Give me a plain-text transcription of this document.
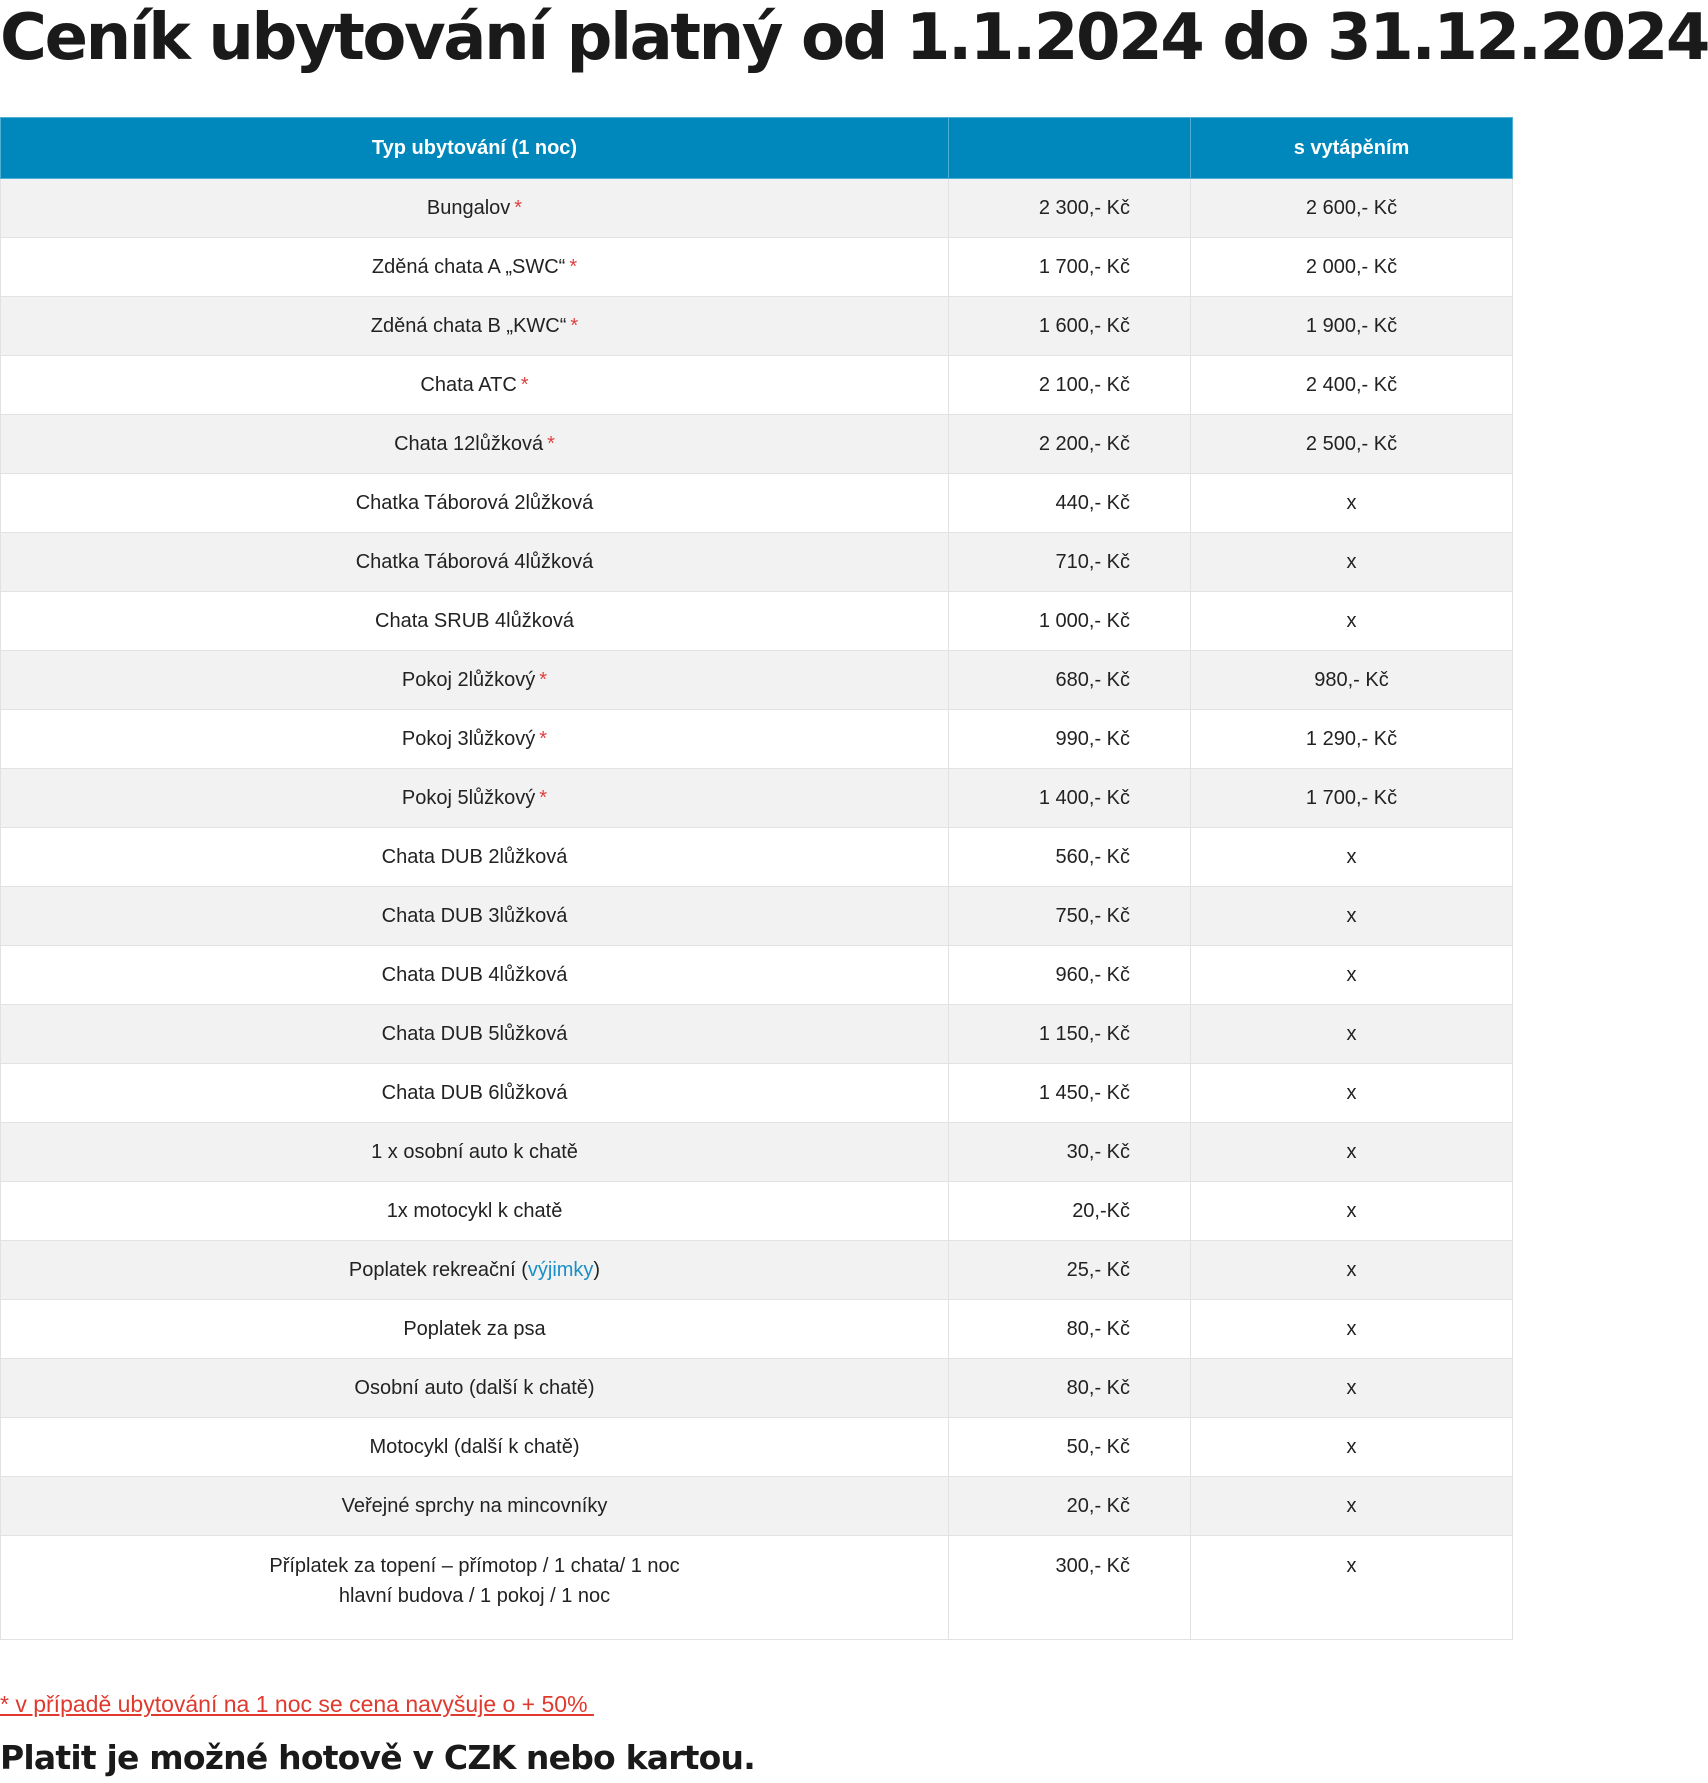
Ceník ubytování platný od 1.1.2024 do 31.12.2024
Typ ubytování (1 noc)		s vytápěním
Bungalov *	2 300,- Kč	2 600,- Kč
Zděná chata A „SWC“ *	1 700,- Kč	2 000,- Kč
Zděná chata B „KWC“ *	1 600,- Kč	1 900,- Kč
Chata ATC *	2 100,- Kč	2 400,- Kč
Chata 12lůžková *	2 200,- Kč	2 500,- Kč
Chatka Táborová 2lůžková	440,- Kč	x
Chatka Táborová 4lůžková	710,- Kč	x
Chata SRUB 4lůžková	1 000,- Kč	x
Pokoj 2lůžkový *	680,- Kč	980,- Kč
Pokoj 3lůžkový *	990,- Kč	1 290,- Kč
Pokoj 5lůžkový *	1 400,- Kč	1 700,- Kč
Chata DUB 2lůžková	560,- Kč	x
Chata DUB 3lůžková	750,- Kč	x
Chata DUB 4lůžková	960,- Kč	x
Chata DUB 5lůžková	1 150,- Kč	x
Chata DUB 6lůžková	1 450,- Kč	x
1 x osobní auto k chatě	30,- Kč	x
1x motocykl k chatě	20,-Kč	x
Poplatek rekreační (výjimky)	25,- Kč	x
Poplatek za psa	80,- Kč	x
Osobní auto (další k chatě)	80,- Kč	x
Motocykl (další k chatě)	50,- Kč	x
Veřejné sprchy na mincovníky	20,- Kč	x
Příplatek za topení – přímotop / 1 chata/ 1 noc
hlavní budova / 1 pokoj / 1 noc	300,- Kč	x
* v případě ubytování na 1 noc se cena navyšuje o + 50%
Platit je možné hotově v CZK nebo kartou.
